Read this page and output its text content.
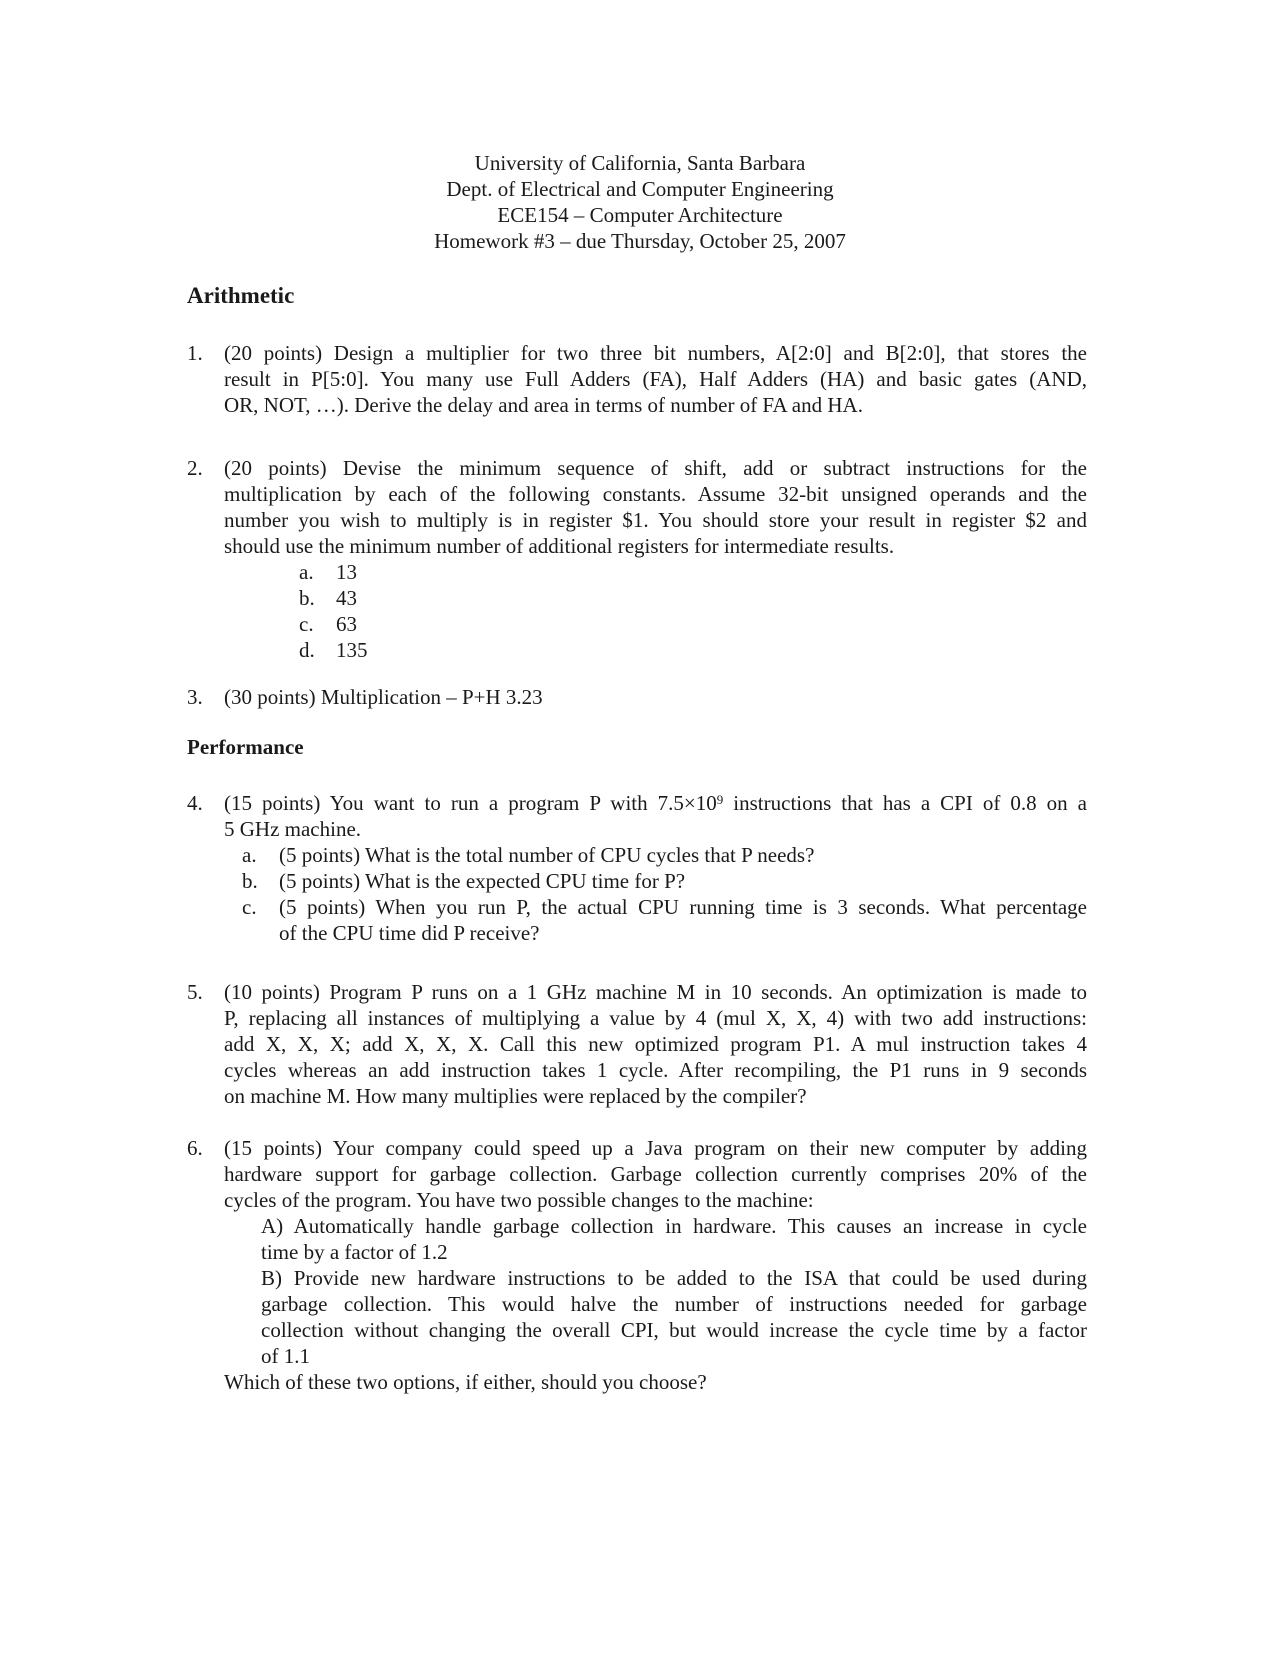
University of California, Santa Barbara
Dept. of Electrical and Computer Engineering
ECE154 – Computer Architecture
Homework #3 – due Thursday, October 25, 2007
Arithmetic
1. (20 points) Design a multiplier for two three bit numbers, A[2:0] and B[2:0], that stores the
result in P[5:0]. You many use Full Adders (FA), Half Adders (HA) and basic gates (AND,
OR, NOT, …). Derive the delay and area in terms of number of FA and HA.
2. (20 points) Devise the minimum sequence of shift, add or subtract instructions for the
multiplication by each of the following constants. Assume 32-bit unsigned operands and the
number you wish to multiply is in register $1. You should store your result in register $2 and
should use the minimum number of additional registers for intermediate results.
a. 13
b. 43
c. 63
d. 135
3. (30 points) Multiplication – P+H 3.23
Performance
4. (15 points) You want to run a program P with $7.5\times 10^9$ instructions that has a CPI of 0.8 on a
5 GHz machine.
a. (5 points) What is the total number of CPU cycles that P needs?
b. (5 points) What is the expected CPU time for P?
c. (5 points) When you run P, the actual CPU running time is 3 seconds. What percentage
of the CPU time did P receive?
5. (10 points) Program P runs on a 1 GHz machine M in 10 seconds. An optimization is made to
P, replacing all instances of multiplying a value by 4 (mul X, X, 4) with two add instructions:
add X, X, X; add X, X, X. Call this new optimized program P1. A mul instruction takes 4
cycles whereas an add instruction takes 1 cycle. After recompiling, the P1 runs in 9 seconds
on machine M. How many multiplies were replaced by the compiler?
6. (15 points) Your company could speed up a Java program on their new computer by adding
hardware support for garbage collection. Garbage collection currently comprises 20% of the
cycles of the program. You have two possible changes to the machine:
A) Automatically handle garbage collection in hardware. This causes an increase in cycle
time by a factor of 1.2
B) Provide new hardware instructions to be added to the ISA that could be used during
garbage collection. This would halve the number of instructions needed for garbage
collection without changing the overall CPI, but would increase the cycle time by a factor
of 1.1
Which of these two options, if either, should you choose?
